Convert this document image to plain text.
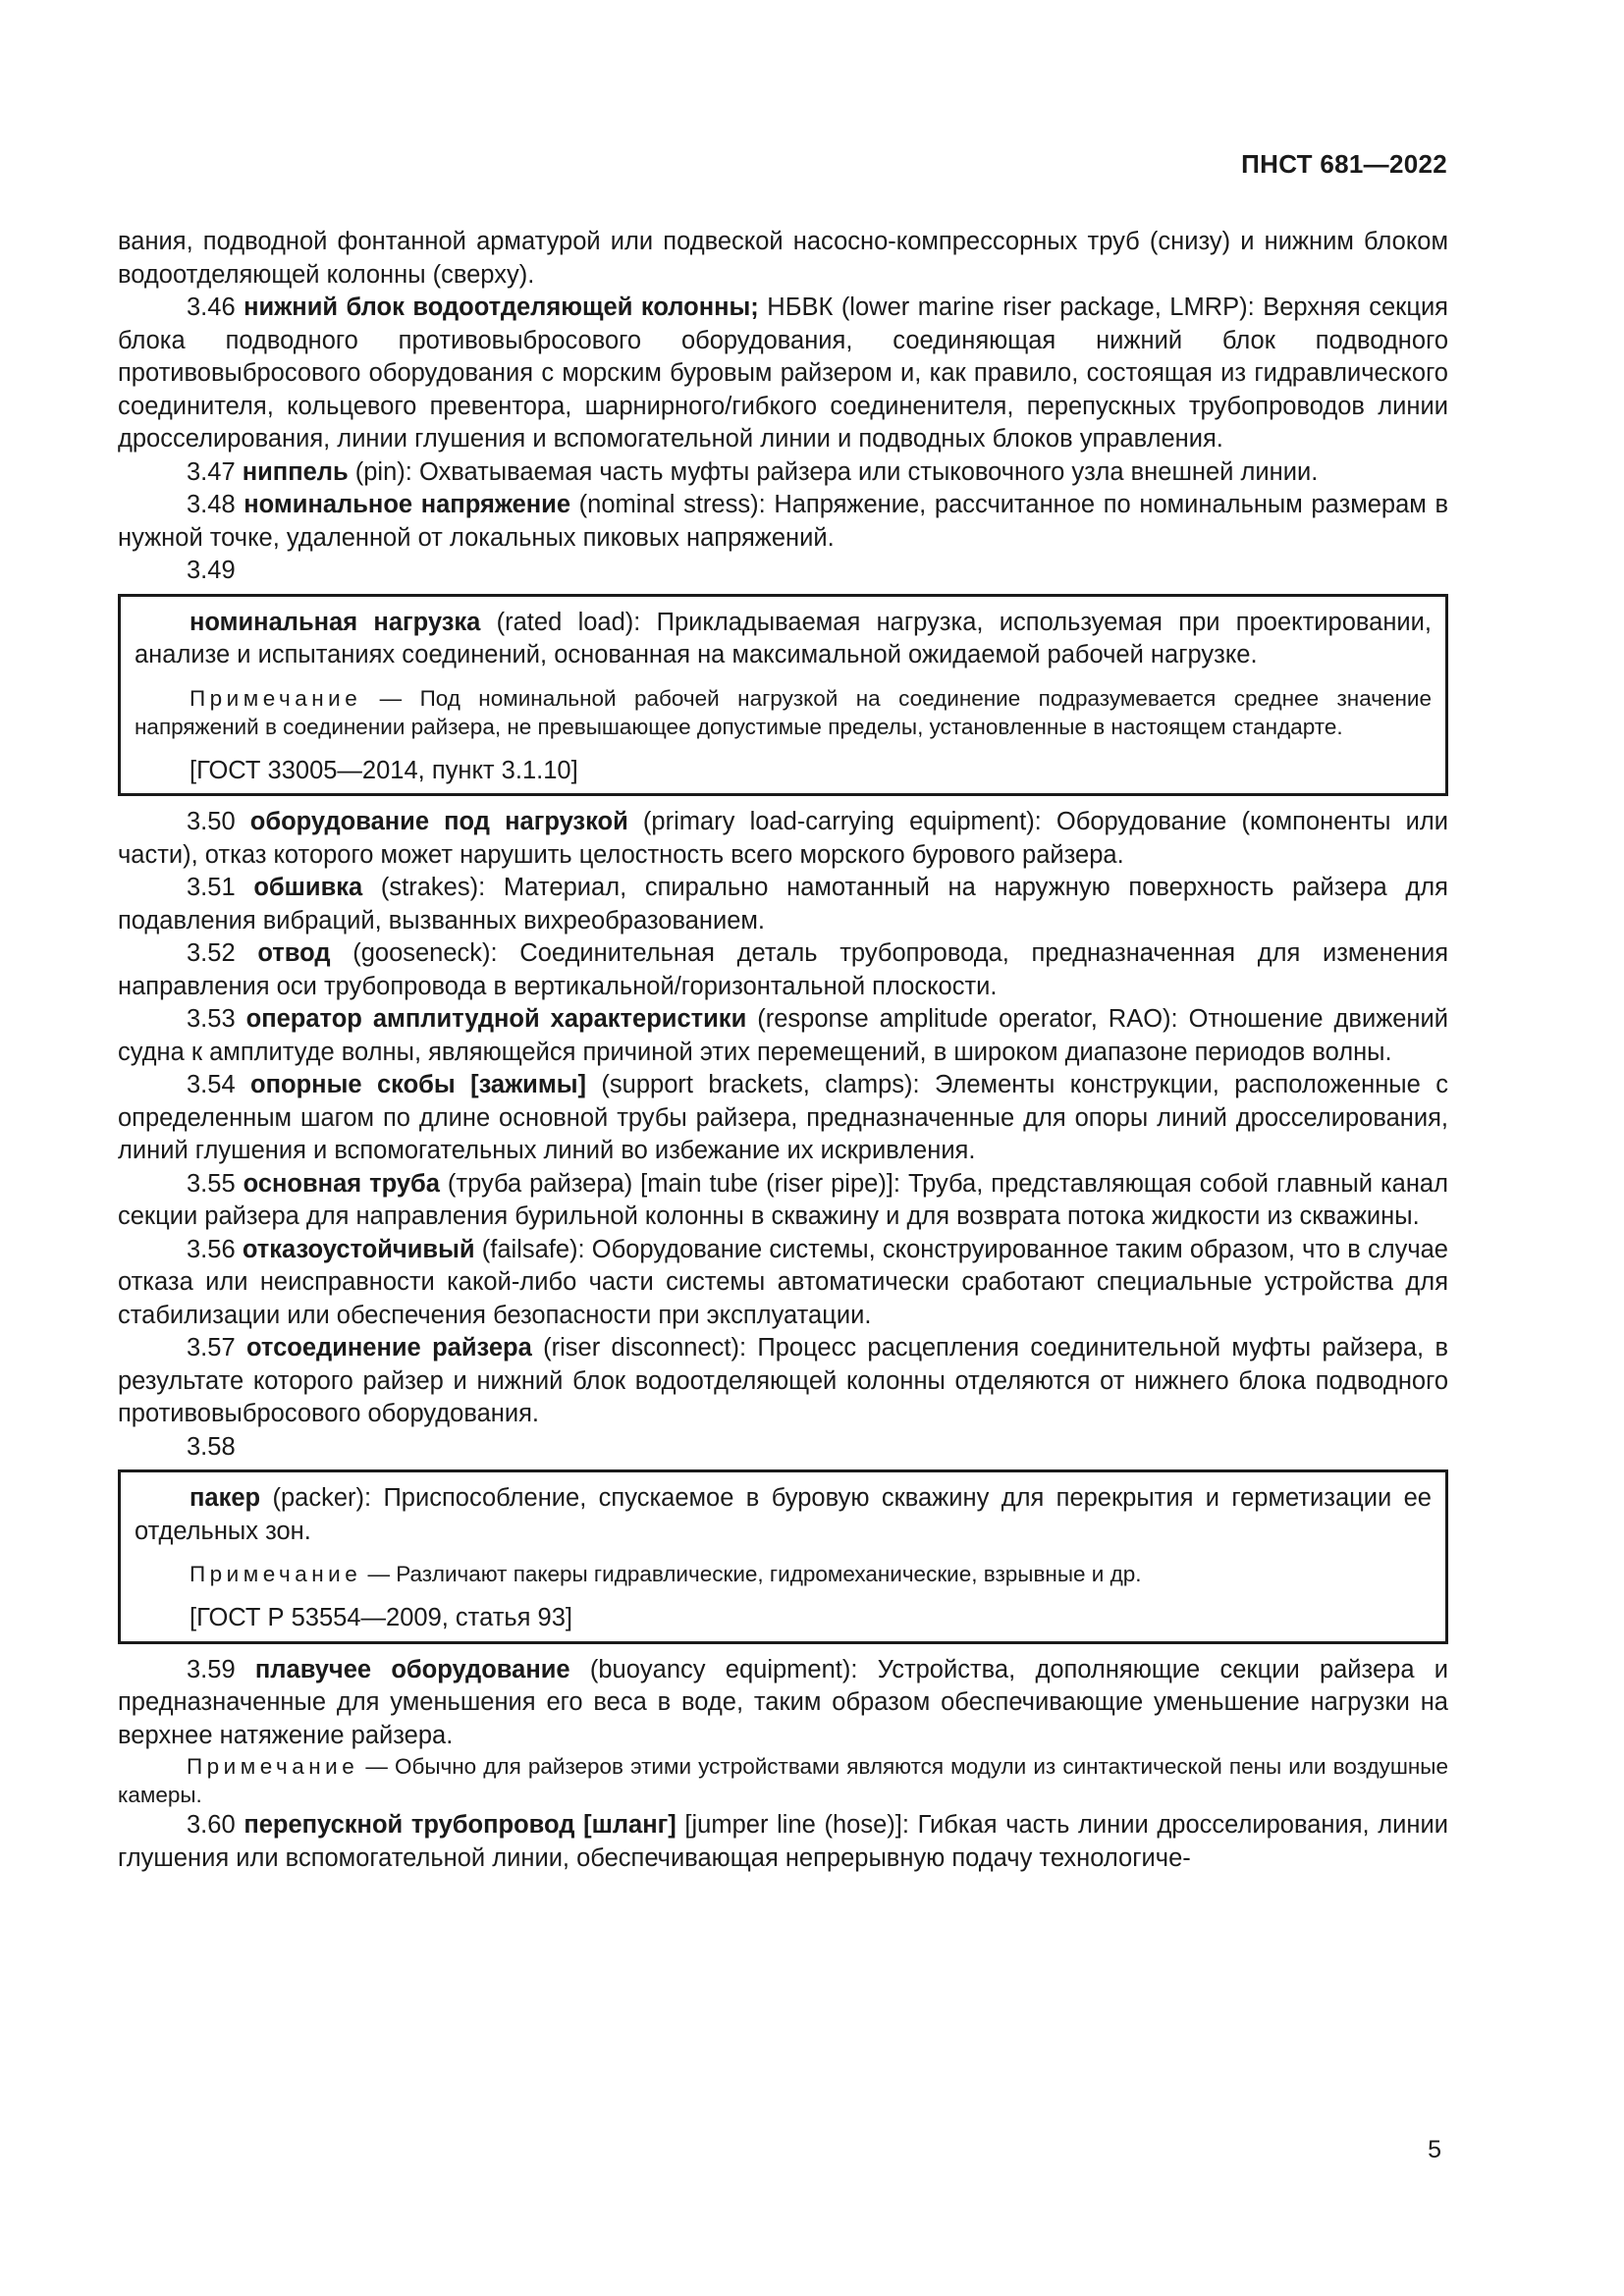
ПНСТ 681—2022

вания, подводной фонтанной арматурой или подвеской насосно-компрессорных труб (снизу) и нижним блоком водоотделяющей колонны (сверху).

3.46 нижний блок водоотделяющей колонны; НБВК (lower marine riser package, LMRP): Верхняя секция блока подводного противовыбросового оборудования, соединяющая нижний блок подводного противовыбросового оборудования с морским буровым райзером и, как правило, состоящая из гидравлического соединителя, кольцевого превентора, шарнирного/гибкого соединенителя, перепускных трубопроводов линии дросселирования, линии глушения и вспомогательной линии и подводных блоков управления.

3.47 ниппель (pin): Охватываемая часть муфты райзера или стыковочного узла внешней линии.

3.48 номинальное напряжение (nominal stress): Напряжение, рассчитанное по номинальным размерам в нужной точке, удаленной от локальных пиковых напряжений.

3.49

номинальная нагрузка (rated load): Прикладываемая нагрузка, используемая при проектировании, анализе и испытаниях соединений, основанная на максимальной ожидаемой рабочей нагрузке.

Примечание — Под номинальной рабочей нагрузкой на соединение подразумевается среднее значение напряжений в соединении райзера, не превышающее допустимые пределы, установленные в настоящем стандарте.

[ГОСТ 33005—2014, пункт 3.1.10]

3.50 оборудование под нагрузкой (primary load-carrying equipment): Оборудование (компоненты или части), отказ которого может нарушить целостность всего морского бурового райзера.

3.51 обшивка (strakes): Материал, спирально намотанный на наружную поверхность райзера для подавления вибраций, вызванных вихреобразованием.

3.52 отвод (gooseneck): Соединительная деталь трубопровода, предназначенная для изменения направления оси трубопровода в вертикальной/горизонтальной плоскости.

3.53 оператор амплитудной характеристики (response amplitude operator, RAO): Отношение движений судна к амплитуде волны, являющейся причиной этих перемещений, в широком диапазоне периодов волны.

3.54 опорные скобы [зажимы] (support brackets, clamps): Элементы конструкции, расположенные с определенным шагом по длине основной трубы райзера, предназначенные для опоры линий дросселирования, линий глушения и вспомогательных линий во избежание их искривления.

3.55 основная труба (труба райзера) [main tube (riser pipe)]: Труба, представляющая собой главный канал секции райзера для направления бурильной колонны в скважину и для возврата потока жидкости из скважины.

3.56 отказоустойчивый (failsafe): Оборудование системы, сконструированное таким образом, что в случае отказа или неисправности какой-либо части системы автоматически сработают специальные устройства для стабилизации или обеспечения безопасности при эксплуатации.

3.57 отсоединение райзера (riser disconnect): Процесс расцепления соединительной муфты райзера, в результате которого райзер и нижний блок водоотделяющей колонны отделяются от нижнего блока подводного противовыбросового оборудования.

3.58

пакер (packer): Приспособление, спускаемое в буровую скважину для перекрытия и герметизации ее отдельных зон.

Примечание — Различают пакеры гидравлические, гидромеханические, взрывные и др.

[ГОСТ Р 53554—2009, статья 93]

3.59 плавучее оборудование (buoyancy equipment): Устройства, дополняющие секции райзера и предназначенные для уменьшения его веса в воде, таким образом обеспечивающие уменьшение нагрузки на верхнее натяжение райзера.

Примечание — Обычно для райзеров этими устройствами являются модули из синтактической пены или воздушные камеры.

3.60 перепускной трубопровод [шланг] [jumper line (hose)]: Гибкая часть линии дросселирования, линии глушения или вспомогательной линии, обеспечивающая непрерывную подачу технологиче-

5
